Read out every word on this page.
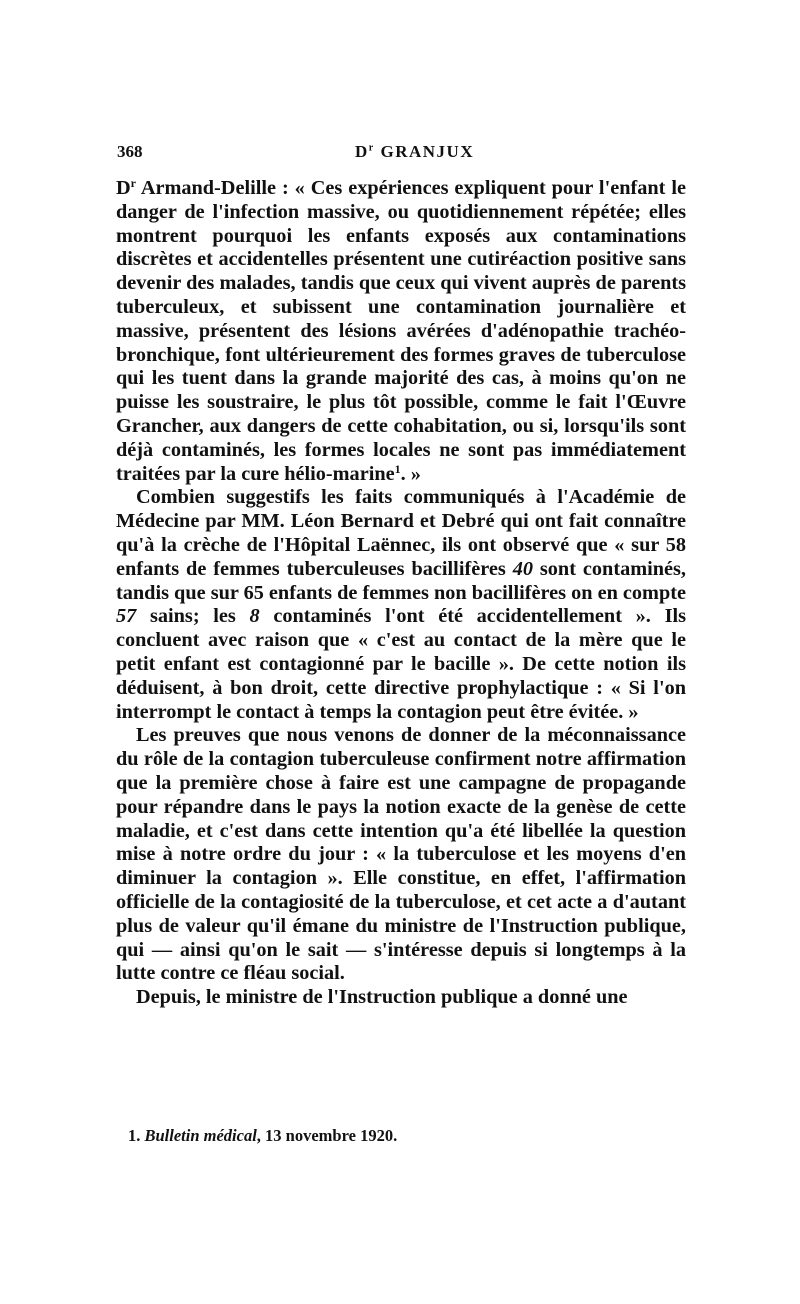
368	$D^r$ GRANJUX

$D^r$ Armand-Delille : « Ces expériences expliquent pour l'enfant le danger de l'infection massive, ou quotidiennement répétée; elles montrent pourquoi les enfants exposés aux contaminations discrètes et accidentelles présentent une cutiréaction positive sans devenir des malades, tandis que ceux qui vivent auprès de parents tuberculeux, et subissent une contamination journalière et massive, présentent des lésions avérées d'adénopathie trachéo-bronchique, font ultérieurement des formes graves de tuberculose qui les tuent dans la grande majorité des cas, à moins qu'on ne puisse les soustraire, le plus tôt possible, comme le fait l'Œuvre Grancher, aux dangers de cette cohabitation, ou si, lorsqu'ils sont déjà contaminés, les formes locales ne sont pas immédiatement traitées par la cure hélio-marine$^1$. »

Combien suggestifs les faits communiqués à l'Académie de Médecine par MM. Léon Bernard et Debré qui ont fait connaître qu'à la crèche de l'Hôpital Laënnec, ils ont observé que « sur 58 enfants de femmes tuberculeuses bacillifères 40 sont contaminés, tandis que sur 65 enfants de femmes non bacillifères on en compte 57 sains; les 8 contaminés l'ont été accidentellement ». Ils concluent avec raison que « c'est au contact de la mère que le petit enfant est contagionné par le bacille ». De cette notion ils déduisent, à bon droit, cette directive prophylactique : « Si l'on interrompt le contact à temps la contagion peut être évitée. »

Les preuves que nous venons de donner de la méconnaissance du rôle de la contagion tuberculeuse confirment notre affirmation que la première chose à faire est une campagne de propagande pour répandre dans le pays la notion exacte de la genèse de cette maladie, et c'est dans cette intention qu'a été libellée la question mise à notre ordre du jour : « la tuberculose et les moyens d'en diminuer la contagion ». Elle constitue, en effet, l'affirmation officielle de la contagiosité de la tuberculose, et cet acte a d'autant plus de valeur qu'il émane du ministre de l'Instruction publique, qui — ainsi qu'on le sait — s'intéresse depuis si longtemps à la lutte contre ce fléau social.

Depuis, le ministre de l'Instruction publique a donné une

1. Bulletin médical, 13 novembre 1920.
